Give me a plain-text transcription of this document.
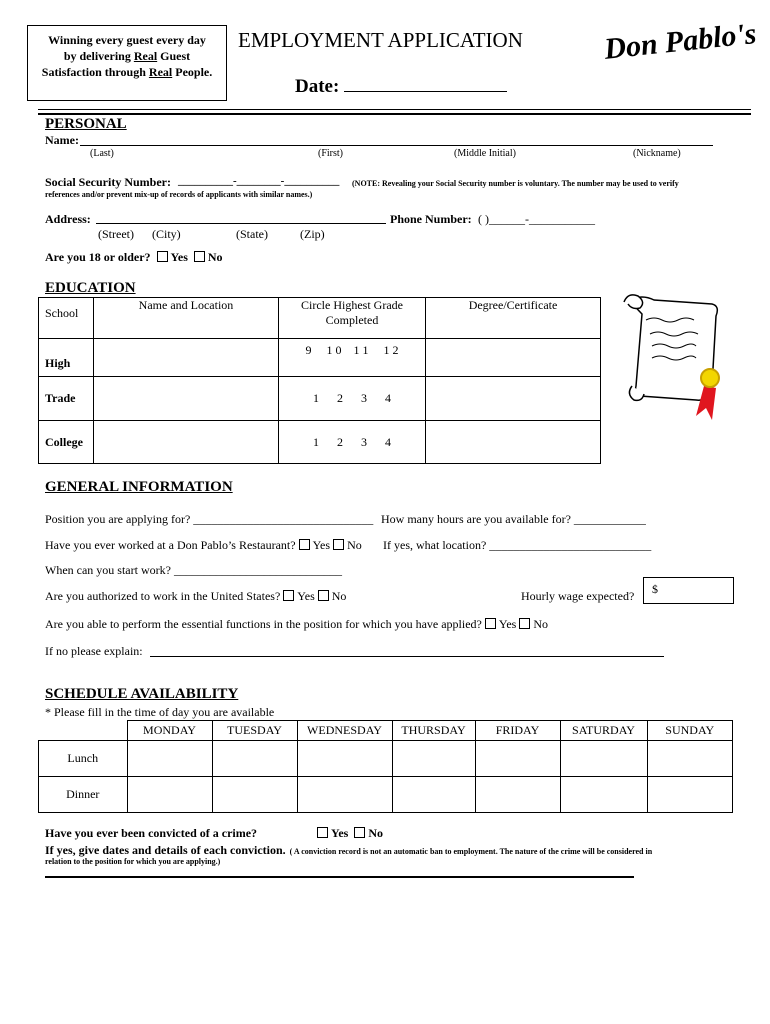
Winning every guest every day
by delivering Real Guest
Satisfaction through Real People.
EMPLOYMENT APPLICATION
Date:
Don Pablo's
PERSONAL
Name:
(Last)	(First)	(Middle Initial)	(Nickname)
Social Security Number: __________-________-__________ (NOTE: Revealing your Social Security number is voluntary. The number may be used to verify
references and/or prevent mix-up of records of applicants with similar names.)
Address:	Phone Number: ( )______-___________
(Street) (City)	(State)	(Zip)
Are you 18 or older? Yes No
EDUCATION
School	Name and Location	Circle Highest Grade Completed	Degree/Certificate
High		9     1 0    1 1     1 2	
Trade		1      2      3      4	
College		1      2      3      4	
GENERAL INFORMATION
Position you are applying for? ______________________________ How many hours are you available for? ____________
Have you ever worked at a Don Pablo’s Restaurant? Yes No If yes, what location? ___________________________
When can you start work? ____________________________
Are you authorized to work in the United States? Yes No	Hourly wage expected?	$
Are you able to perform the essential functions in the position for which you have applied? Yes No
If no please explain:
SCHEDULE AVAILABILITY
* Please fill in the time of day you are available
	MONDAY	TUESDAY	WEDNESDAY	THURSDAY	FRIDAY	SATURDAY	SUNDAY
Lunch							
Dinner							
Have you ever been convicted of a crime?	Yes No
If yes, give dates and details of each conviction. ( A conviction record is not an automatic ban to employment. The nature of the crime will be considered in
relation to the position for which you are applying.)
